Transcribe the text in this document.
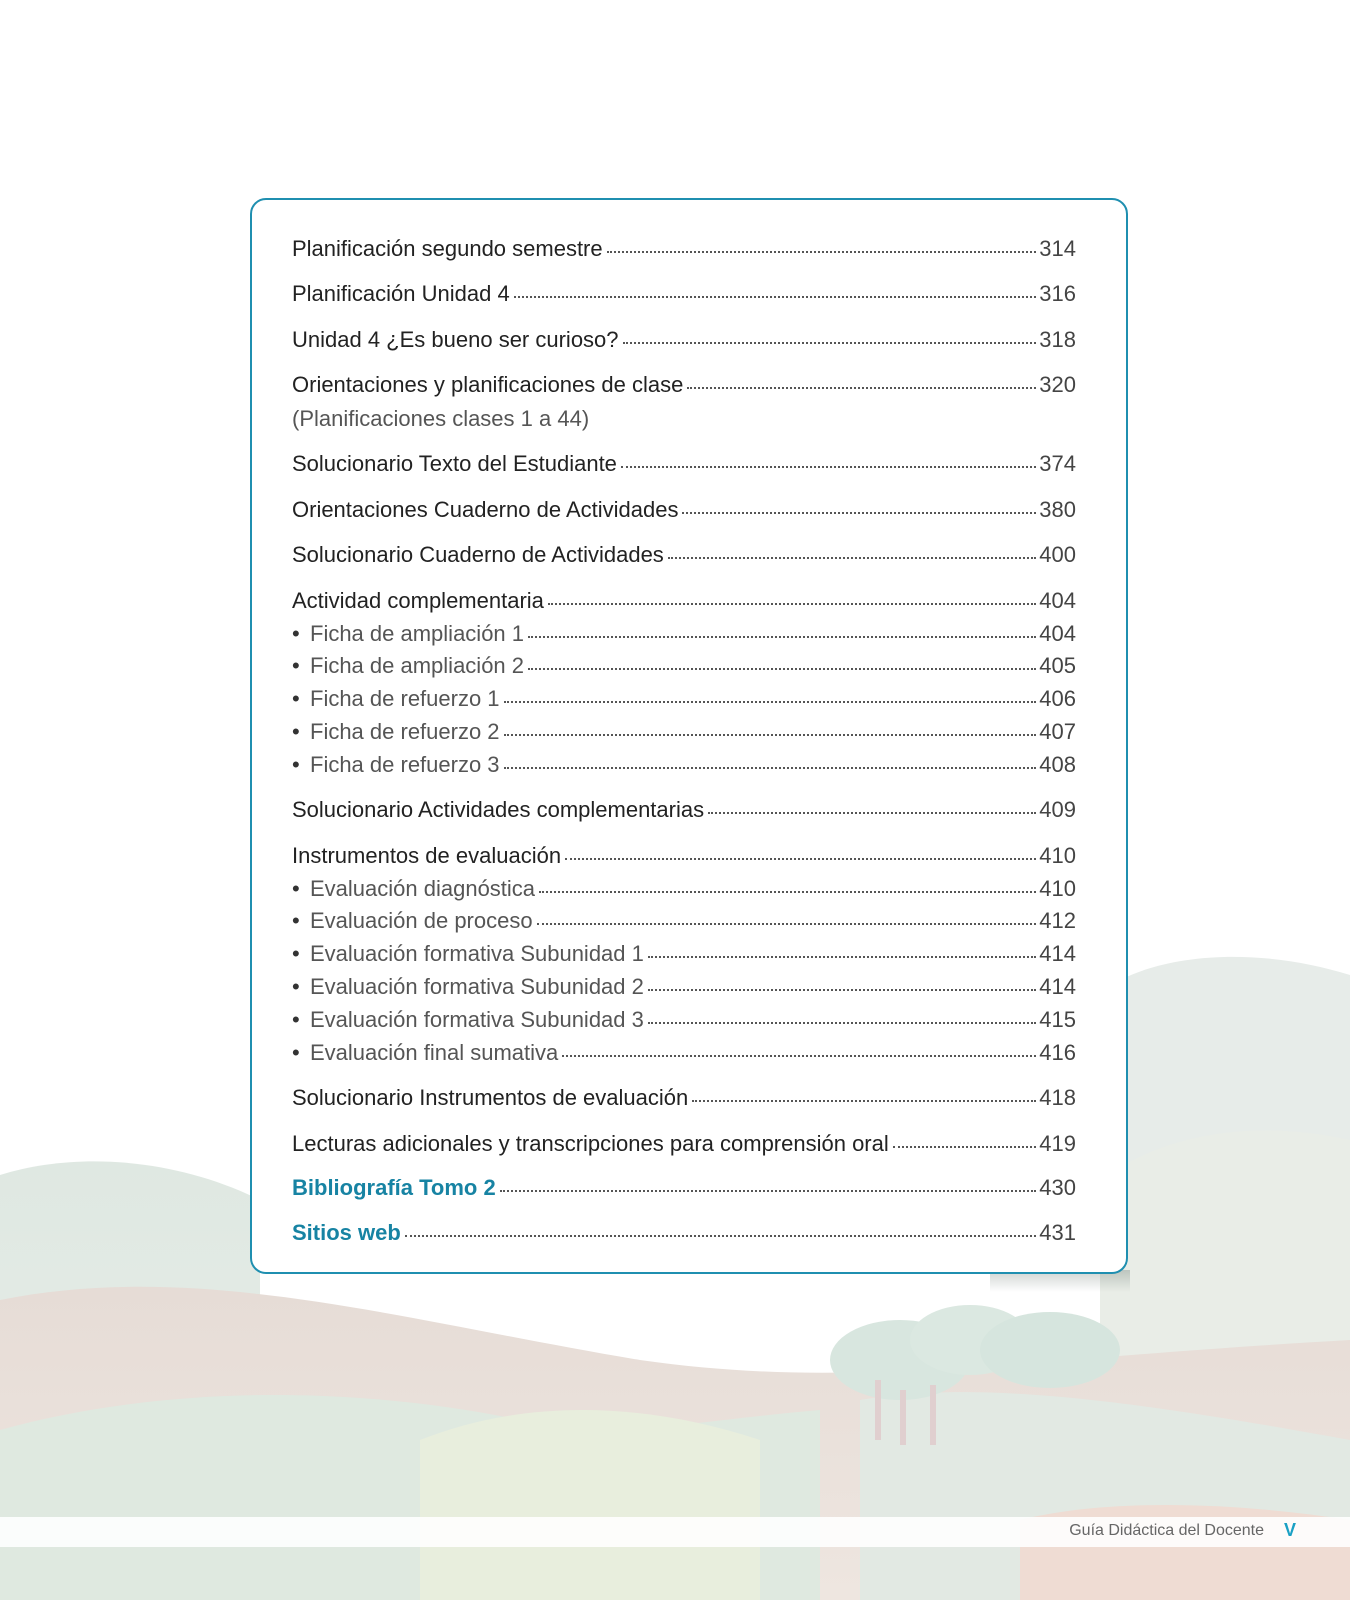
Planificación segundo semestre	314
Planificación Unidad 4	316
Unidad 4 ¿Es bueno ser curioso?	318
Orientaciones y planificaciones de clase	320
(Planificaciones clases 1 a 44)
Solucionario Texto del Estudiante	374
Orientaciones Cuaderno de Actividades	380
Solucionario Cuaderno de Actividades	400
Actividad complementaria	404
• Ficha de ampliación 1	404
• Ficha de ampliación 2	405
• Ficha de refuerzo 1	406
• Ficha de refuerzo 2	407
• Ficha de refuerzo 3	408
Solucionario Actividades complementarias	409
Instrumentos de evaluación	410
• Evaluación diagnóstica	410
• Evaluación de proceso	412
• Evaluación formativa Subunidad 1	414
• Evaluación formativa Subunidad 2	414
• Evaluación formativa Subunidad 3	415
• Evaluación final sumativa	416
Solucionario Instrumentos de evaluación	418
Lecturas adicionales y transcripciones para comprensión oral	419
Bibliografía Tomo 2	430
Sitios web	431
Guía Didáctica del Docente V
